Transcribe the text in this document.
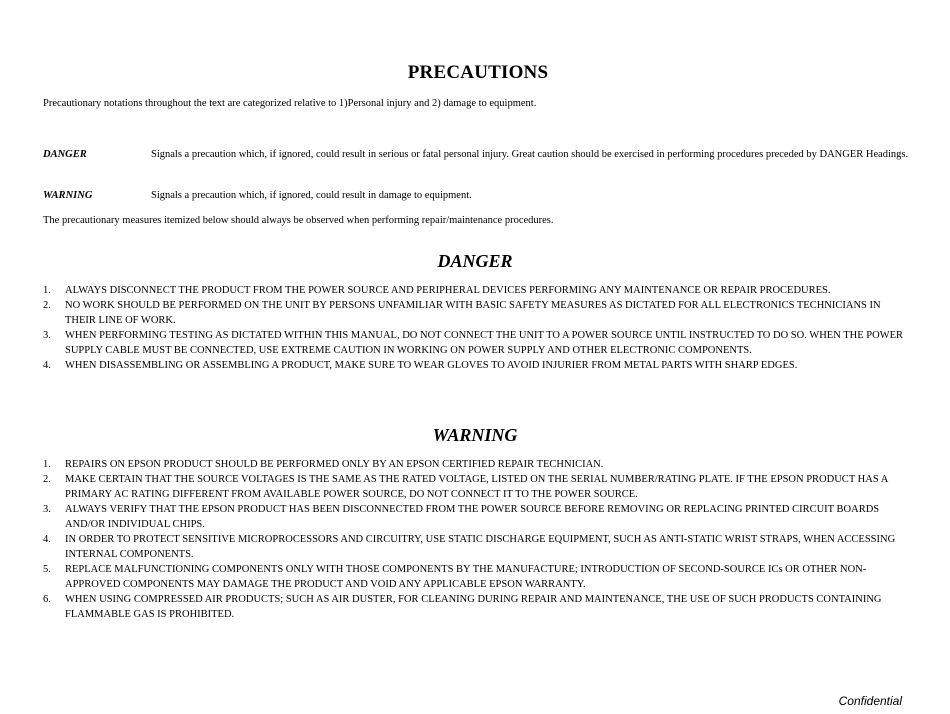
PRECAUTIONS
Precautionary notations throughout the text are categorized relative to 1)Personal injury and 2) damage to equipment.
DANGER	Signals a precaution which, if ignored, could result in serious or fatal personal injury. Great caution should be exercised in performing procedures preceded by DANGER Headings.
WARNING	Signals a precaution which, if ignored, could result in damage to equipment.
The precautionary measures itemized below should always be observed when performing repair/maintenance procedures.
DANGER
1. ALWAYS DISCONNECT THE PRODUCT FROM THE POWER SOURCE AND PERIPHERAL DEVICES PERFORMING ANY MAINTENANCE OR REPAIR PROCEDURES.
2. NO WORK SHOULD BE PERFORMED ON THE UNIT BY PERSONS UNFAMILIAR WITH BASIC SAFETY MEASURES AS DICTATED FOR ALL ELECTRONICS TECHNICIANS IN THEIR LINE OF WORK.
3. WHEN PERFORMING TESTING AS DICTATED WITHIN THIS MANUAL, DO NOT CONNECT THE UNIT TO A POWER SOURCE UNTIL INSTRUCTED TO DO SO. WHEN THE POWER SUPPLY CABLE MUST BE CONNECTED, USE EXTREME CAUTION IN WORKING ON POWER SUPPLY AND OTHER ELECTRONIC COMPONENTS.
4. WHEN DISASSEMBLING OR ASSEMBLING A PRODUCT, MAKE SURE TO WEAR GLOVES TO AVOID INJURIER FROM METAL PARTS WITH SHARP EDGES.
WARNING
1. REPAIRS ON EPSON PRODUCT SHOULD BE PERFORMED ONLY BY AN EPSON CERTIFIED REPAIR TECHNICIAN.
2. MAKE CERTAIN THAT THE SOURCE VOLTAGES IS THE SAME AS THE RATED VOLTAGE, LISTED ON THE SERIAL NUMBER/RATING PLATE. IF THE EPSON PRODUCT HAS A PRIMARY AC RATING DIFFERENT FROM AVAILABLE POWER SOURCE, DO NOT CONNECT IT TO THE POWER SOURCE.
3. ALWAYS VERIFY THAT THE EPSON PRODUCT HAS BEEN DISCONNECTED FROM THE POWER SOURCE BEFORE REMOVING OR REPLACING PRINTED CIRCUIT BOARDS AND/OR INDIVIDUAL CHIPS.
4. IN ORDER TO PROTECT SENSITIVE MICROPROCESSORS AND CIRCUITRY, USE STATIC DISCHARGE EQUIPMENT, SUCH AS ANTI-STATIC WRIST STRAPS, WHEN ACCESSING INTERNAL COMPONENTS.
5. REPLACE MALFUNCTIONING COMPONENTS ONLY WITH THOSE COMPONENTS BY THE MANUFACTURE; INTRODUCTION OF SECOND-SOURCE ICs OR OTHER NON-APPROVED COMPONENTS MAY DAMAGE THE PRODUCT AND VOID ANY APPLICABLE EPSON WARRANTY.
6. WHEN USING COMPRESSED AIR PRODUCTS; SUCH AS AIR DUSTER, FOR CLEANING DURING REPAIR AND MAINTENANCE, THE USE OF SUCH PRODUCTS CONTAINING FLAMMABLE GAS IS PROHIBITED.
Confidential
